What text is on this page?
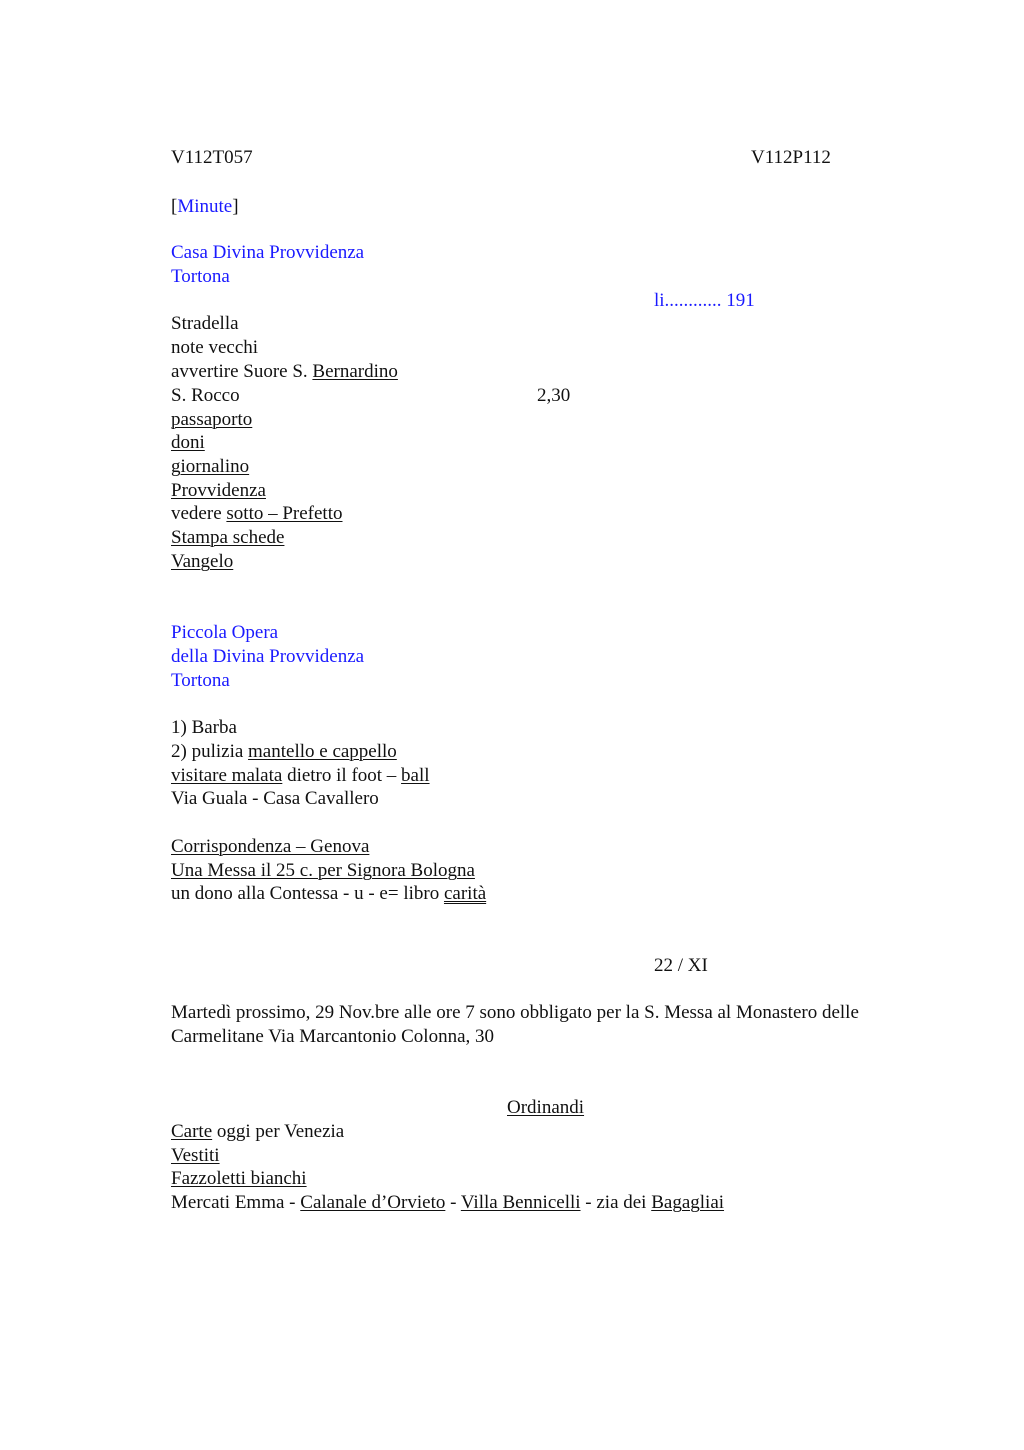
V112T057	V112P112
[Minute]
Casa Divina Provvidenza
Tortona
li............ 191
Stradella
note vecchi
avvertire Suore S. Bernardino
S. Rocco	2,30
passaporto
doni
giornalino
Provvidenza
vedere sotto – Prefetto
Stampa schede
Vangelo
Piccola Opera
della Divina Provvidenza
Tortona
1) Barba
2) pulizia mantello e cappello
visitare malata dietro il foot – ball
Via Guala - Casa Cavallero
Corrispondenza – Genova
Una Messa il 25 c. per Signora Bologna
un dono alla Contessa - u - e= libro carità
22 / XI
Martedì prossimo, 29 Nov.bre alle ore 7 sono obbligato per la S. Messa al Monastero delle Carmelitane Via Marcantonio Colonna, 30
Ordinandi
Carte oggi per Venezia
Vestiti
Fazzoletti bianchi
Mercati Emma - Calanale d’Orvieto - Villa Bennicelli - zia dei Bagagliai
